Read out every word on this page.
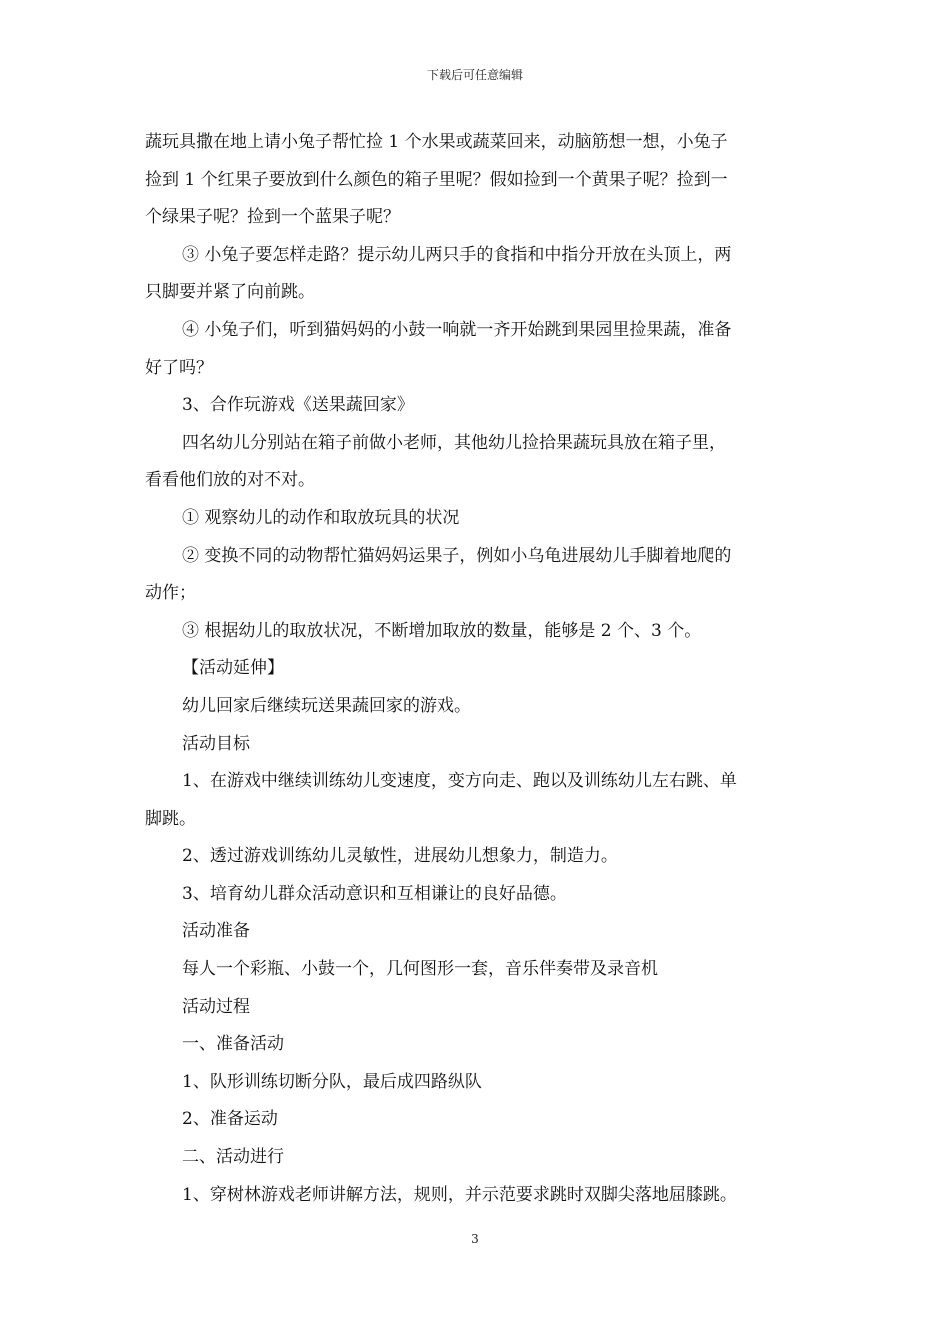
下载后可任意编辑
蔬玩具撒在地上请小兔子帮忙捡 1 个水果或蔬菜回来，动脑筋想一想，小兔子
捡到 1 个红果子要放到什么颜色的箱子里呢？假如捡到一个黄果子呢？捡到一
个绿果子呢？捡到一个蓝果子呢？
③ 小兔子要怎样走路？提示幼儿两只手的食指和中指分开放在头顶上，两
只脚要并紧了向前跳。
④ 小兔子们，听到猫妈妈的小鼓一响就一齐开始跳到果园里捡果蔬，准备
好了吗？
3、合作玩游戏《送果蔬回家》
四名幼儿分别站在箱子前做小老师，其他幼儿捡拾果蔬玩具放在箱子里，
看看他们放的对不对。
① 观察幼儿的动作和取放玩具的状况
② 变换不同的动物帮忙猫妈妈运果子，例如小乌龟进展幼儿手脚着地爬的
动作；
③ 根据幼儿的取放状况，不断增加取放的数量，能够是 2 个、3 个。
【活动延伸】
幼儿回家后继续玩送果蔬回家的游戏。
活动目标
1、在游戏中继续训练幼儿变速度，变方向走、跑以及训练幼儿左右跳、单
脚跳。
2、透过游戏训练幼儿灵敏性，进展幼儿想象力，制造力。
3、培育幼儿群众活动意识和互相谦让的良好品德。
活动准备
每人一个彩瓶、小鼓一个，几何图形一套，音乐伴奏带及录音机
活动过程
一、准备活动
1、队形训练切断分队，最后成四路纵队
2、准备运动
二、活动进行
1、穿树林游戏老师讲解方法，规则，并示范要求跳时双脚尖落地屈膝跳。
3
